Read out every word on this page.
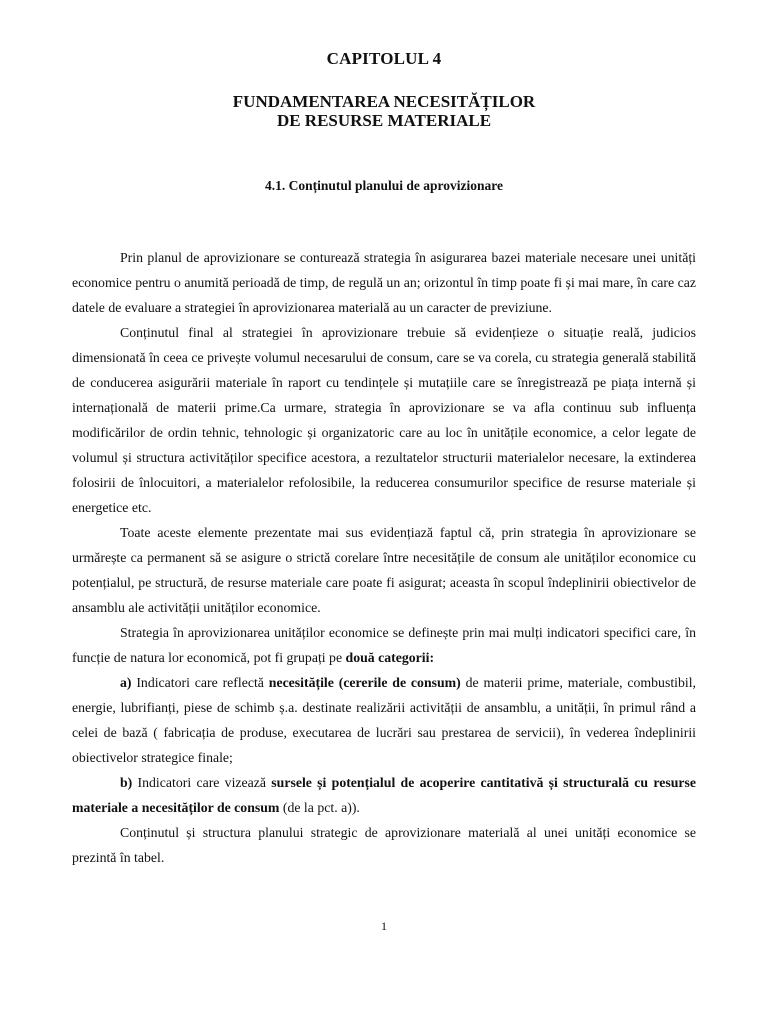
CAPITOLUL 4
FUNDAMENTAREA NECESITĂȚILOR
DE RESURSE MATERIALE
4.1. Conținutul planului de aprovizionare

Prin planul de aprovizionare se conturează strategia în asigurarea bazei materiale necesare unei unități economice pentru o anumită perioadă de timp, de regulă un an; orizontul în timp poate fi și mai mare, în care caz datele de evaluare a strategiei în aprovizionarea materială au un caracter de previziune.

Conținutul final al strategiei în aprovizionare trebuie să evidențieze o situație reală, judicios dimensionată în ceea ce privește volumul necesarului de consum, care se va corela, cu strategia generală stabilită de conducerea asigurării materiale în raport cu tendințele și mutațiile care se înregistrează pe piața internă și internațională de materii prime.Ca urmare, strategia în aprovizionare se va afla continuu sub influența modificărilor de ordin tehnic, tehnologic și organizatoric care au loc în unitățile economice, a celor legate de volumul și structura activităților specifice acestora, a rezultatelor structurii materialelor necesare, la extinderea folosirii de înlocuitori, a materialelor refolosibile, la reducerea consumurilor specifice de resurse materiale și energetice etc.

Toate aceste elemente prezentate mai sus evidențiază faptul că, prin strategia în aprovizionare se urmărește ca permanent să se asigure o strictă corelare între necesitățile de consum ale unităților economice cu potențialul, pe structură, de resurse materiale care poate fi asigurat; aceasta în scopul îndeplinirii obiectivelor de ansamblu ale activității unităților economice.

Strategia în aprovizionarea unităților economice se definește prin mai mulți indicatori specifici care, în funcție de natura lor economică, pot fi grupați pe două categorii:

a) Indicatori care reflectă necesitățile (cererile de consum) de materii prime, materiale, combustibil, energie, lubrifianți, piese de schimb ș.a. destinate realizării activității de ansamblu, a unității, în primul rând a celei de bază ( fabricația de produse, executarea de lucrări sau prestarea de servicii), în vederea îndeplinirii obiectivelor strategice finale;

b) Indicatori care vizează sursele și potențialul de acoperire cantitativă și structurală cu resurse materiale a necesităților de consum (de la pct. a)).

Conținutul și structura planului strategic de aprovizionare materială al unei unități economice se prezintă în tabel.

1
